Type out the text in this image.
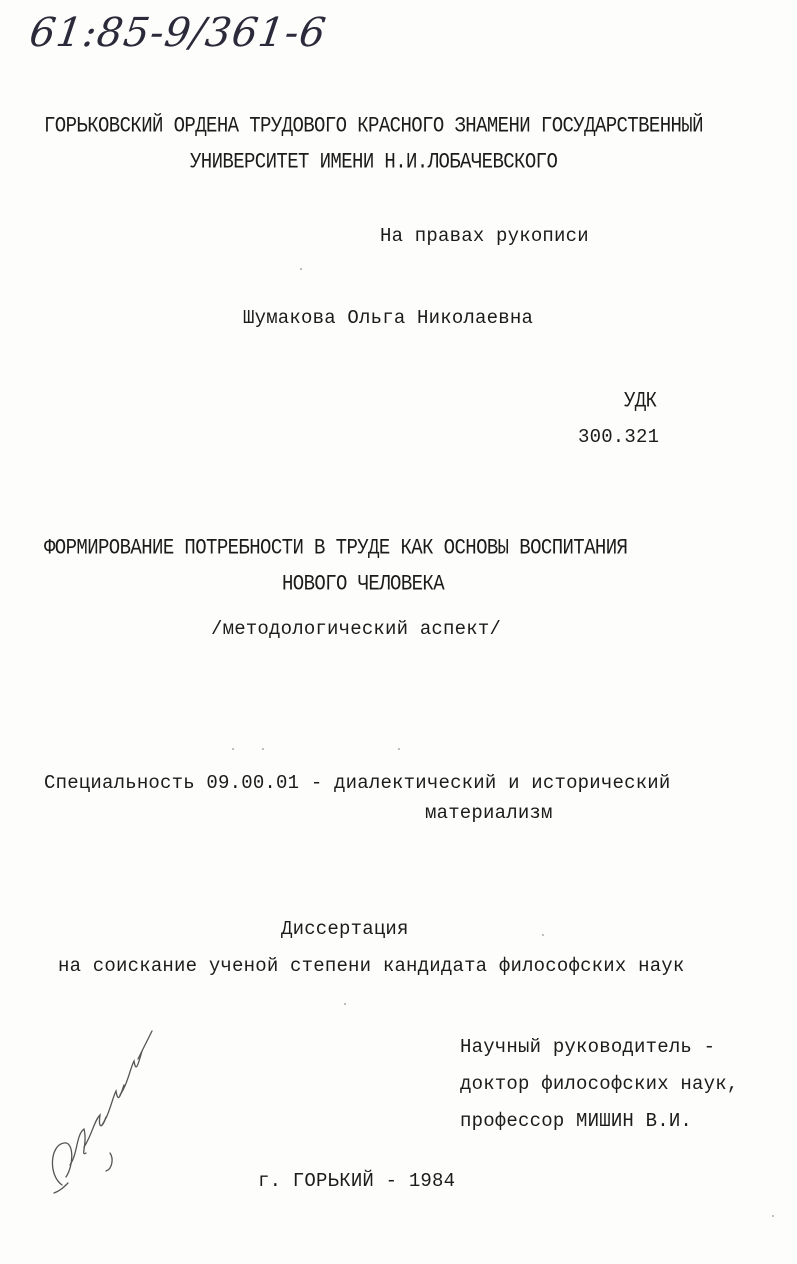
61:85-9/361-6
ГОРЬКОВСКИЙ ОРДЕНА ТРУДОВОГО КРАСНОГО ЗНАМЕНИ ГОСУДАРСТВЕННЫЙ
УНИВЕРСИТЕТ ИМЕНИ Н.И.ЛОБАЧЕВСКОГО
На правах рукописи
Шумакова Ольга Николаевна
УДК
300.321
ФОРМИРОВАНИЕ ПОТРЕБНОСТИ В ТРУДЕ КАК ОСНОВЫ ВОСПИТАНИЯ
НОВОГО ЧЕЛОВЕКА
/методологический аспект/
Специальность 09.00.01 - диалектический и исторический
материализм
Диссертация
на соискание ученой степени кандидата философских наук
Научный руководитель -
доктор философских наук,
профессор МИШИН В.И.
г. ГОРЬКИЙ - 1984
